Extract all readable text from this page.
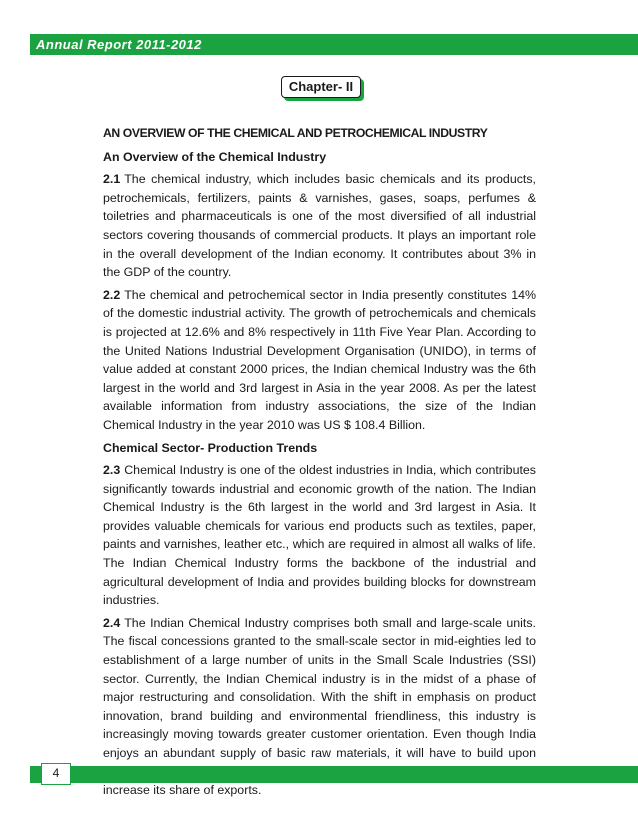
Annual Report 2011-2012
Chapter- II
AN OVERVIEW OF THE CHEMICAL AND PETROCHEMICAL INDUSTRY
An Overview of the Chemical Industry

2.1 The chemical industry, which includes basic chemicals and its products, petrochemicals, fertilizers, paints & varnishes, gases, soaps, perfumes & toiletries and pharmaceuticals is one of the most diversified of all industrial sectors covering thousands of commercial products. It plays an important role in the overall development of the Indian economy. It contributes about 3% in the GDP of the country.

2.2 The chemical and petrochemical sector in India presently constitutes 14% of the domestic industrial activity. The growth of petrochemicals and chemicals is projected at 12.6% and 8% respectively in 11th Five Year Plan. According to the United Nations Industrial Development Organisation (UNIDO), in terms of value added at constant 2000 prices, the Indian chemical Industry was the 6th largest in the world and 3rd largest in Asia in the year 2008. As per the latest available information from industry associations, the size of the Indian Chemical Industry in the year 2010 was US $ 108.4 Billion.

Chemical Sector- Production Trends

2.3 Chemical Industry is one of the oldest industries in India, which contributes significantly towards industrial and economic growth of the nation. The Indian Chemical Industry is the 6th largest in the world and 3rd largest in Asia. It provides valuable chemicals for various end products such as textiles, paper, paints and varnishes, leather etc., which are required in almost all walks of life. The Indian Chemical Industry forms the backbone of the industrial and agricultural development of India and provides building blocks for downstream industries.

2.4 The Indian Chemical Industry comprises both small and large-scale units. The fiscal concessions granted to the small-scale sector in mid-eighties led to establishment of a large number of units in the Small Scale Industries (SSI) sector. Currently, the Indian Chemical industry is in the midst of a phase of major restructuring and consolidation. With the shift in emphasis on product innovation, brand building and environmental friendliness, this industry is increasingly moving towards greater customer orientation. Even though India enjoys an abundant supply of basic raw materials, it will have to build upon increase its share of exports.

4
